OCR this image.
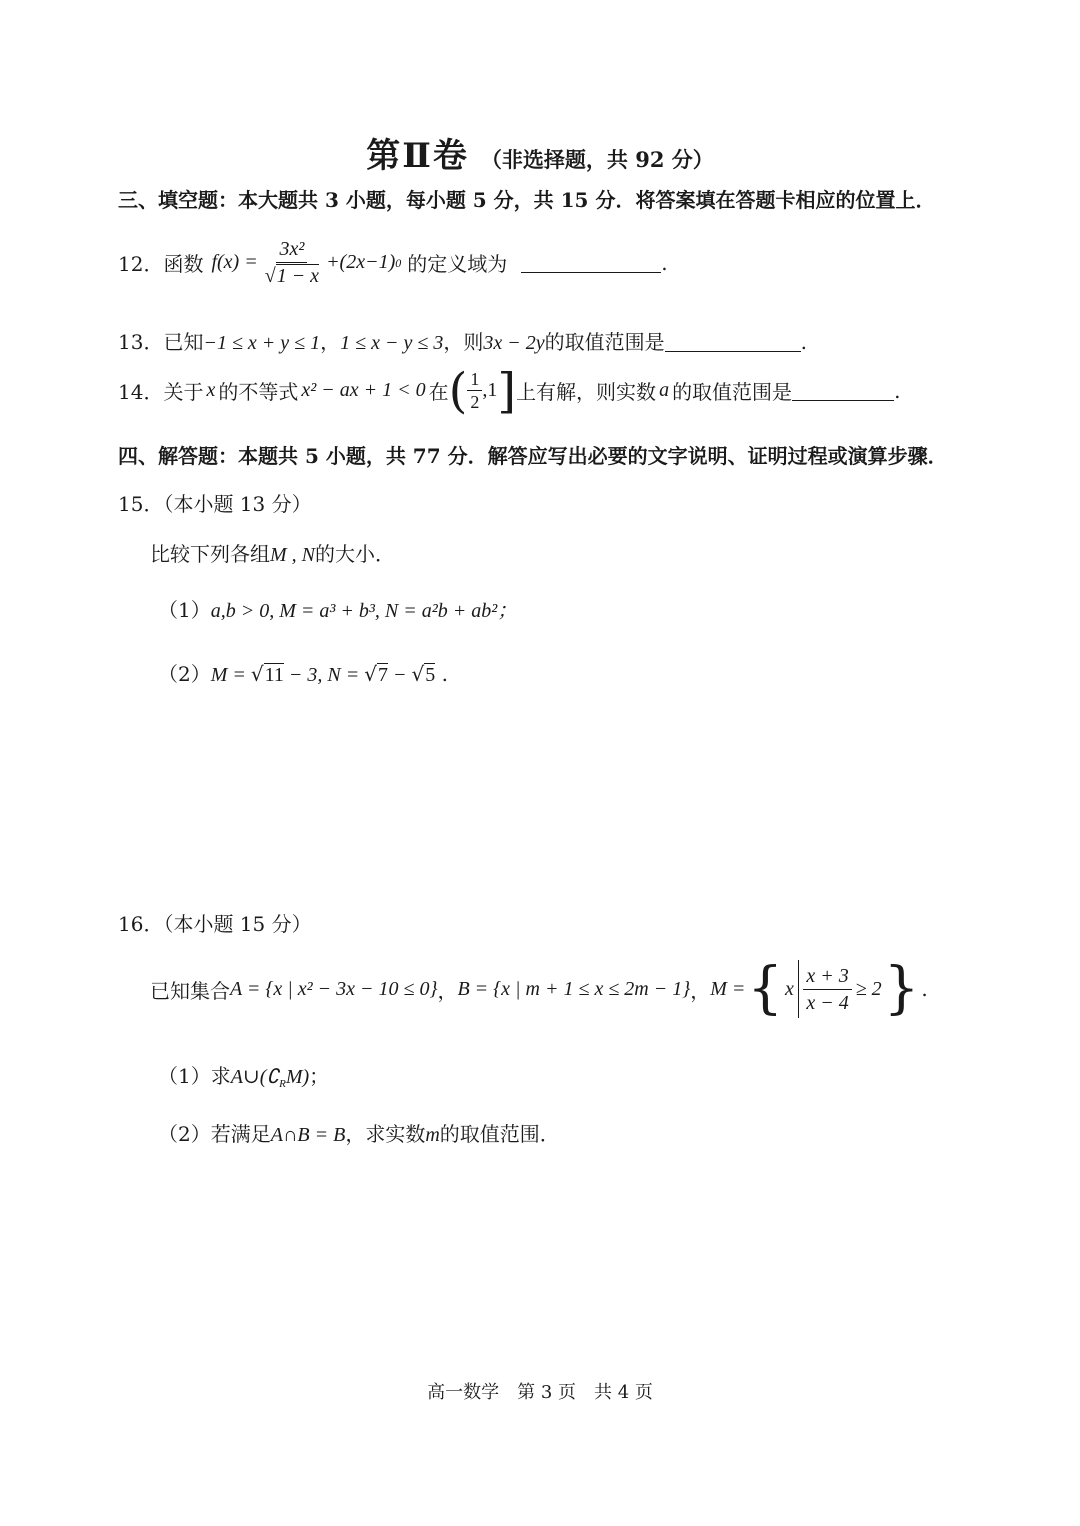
第Ⅱ卷 （非选择题，共 92 分）
三、填空题：本大题共 3 小题，每小题 5 分，共 15 分．将答案填在答题卡相应的位置上．
12． 函数 $f(x) = \frac{\text{3x²}}{√1 - x} +(2x-1)$ 0 的定义域为	.
13．已知−1 ≤ x + y ≤ 1，1 ≤ x − y ≤ 3，则3x − 2y的取值范围是	.
14． 关于 x 的不等式 x² − ax + 1 < 0 在 ( $\frac{1}{2} ,1$ ] 上有解，则实数 a 的取值范围是	.
四、解答题：本题共 5 小题，共 77 分．解答应写出必要的文字说明、证明过程或演算步骤．
15．（本小题 13 分）
比较下列各组M , N的大小．
（1）a,b > 0, M = a³ + b³, N = a²b + ab²；
（2）M = √11 − 3, N = √7 − √5 .
16．（本小题 15 分）
已知集合 A = {x | x² − 3x − 10 ≤ 0} ， B = {x | m + 1 ≤ x ≤ 2m − 1} ， M = { x $\frac{x + 3}{x - 4} \ge 2$ } .
（1）求$A\cup(∁_RM)$；
（2）若满足A∩B = B，求实数m的取值范围．
高一数学　第 3 页　共 4 页
